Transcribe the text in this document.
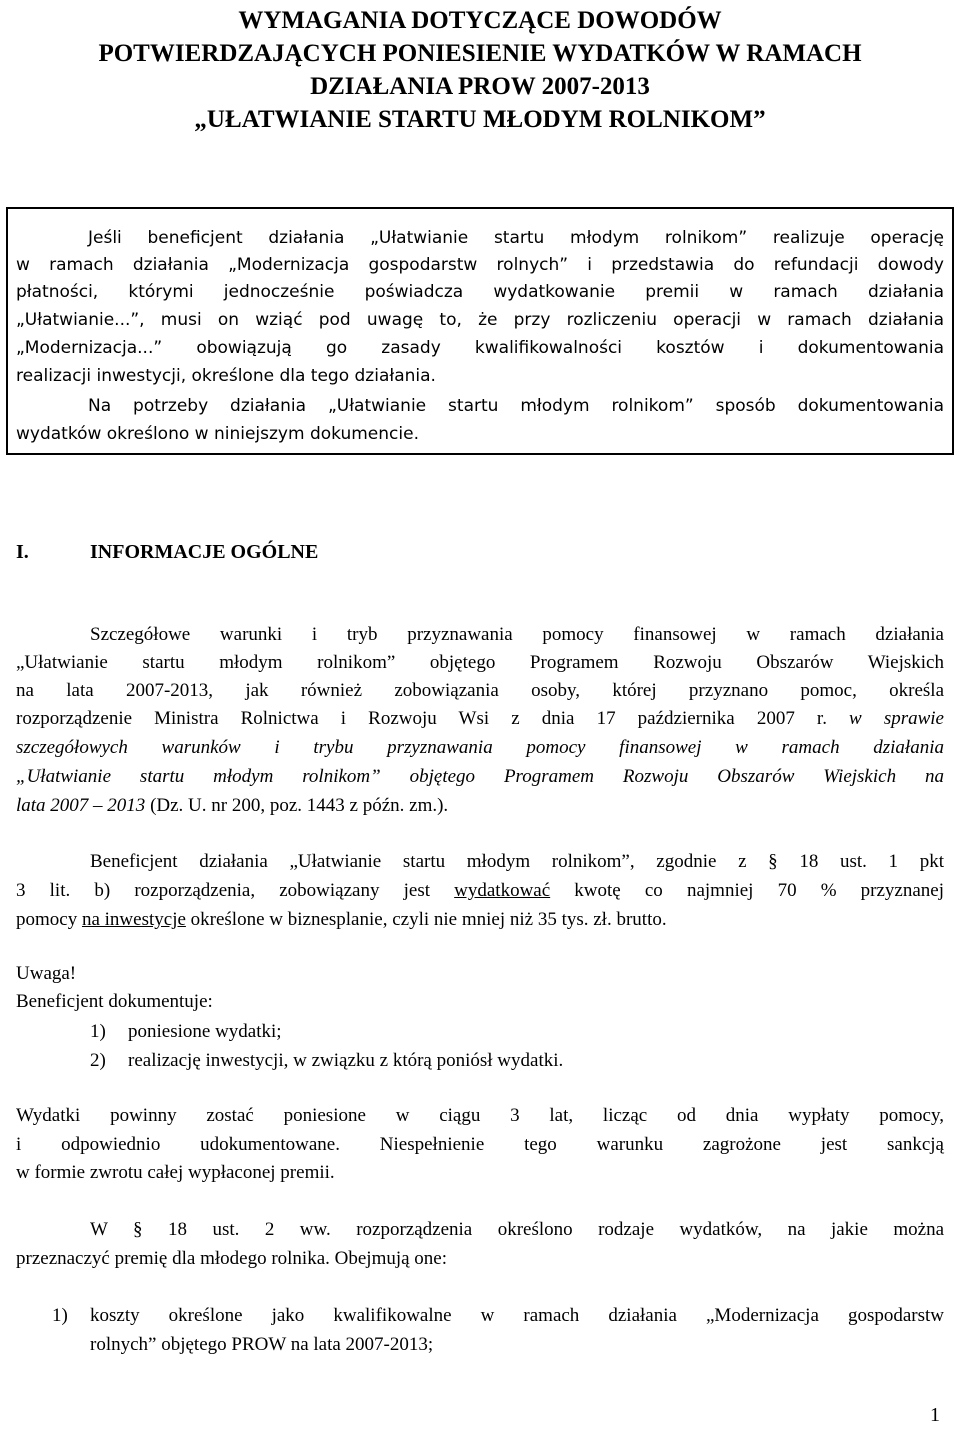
WYMAGANIA DOTYCZĄCE DOWODÓW
POTWIERDZAJĄCYCH PONIESIENIE WYDATKÓW W RAMACH
DZIAŁANIA PROW 2007-2013
„UŁATWIANIE STARTU MŁODYM ROLNIKOM”
Jeśli beneficjent działania „Ułatwianie startu młodym rolnikom” realizuje operację
w ramach działania „Modernizacja gospodarstw rolnych” i przedstawia do refundacji dowody
płatności, którymi jednocześnie poświadcza wydatkowanie premii w ramach działania
„Ułatwianie...”, musi on wziąć pod uwagę to, że przy rozliczeniu operacji w ramach działania
„Modernizacja...” obowiązują go zasady kwalifikowalności kosztów i dokumentowania
realizacji inwestycji, określone dla tego działania.
Na potrzeby działania „Ułatwianie startu młodym rolnikom” sposób dokumentowania
wydatków określono w niniejszym dokumencie.
I.	INFORMACJE OGÓLNE
Szczegółowe warunki i tryb przyznawania pomocy finansowej w ramach działania
„Ułatwianie startu młodym rolnikom” objętego Programem Rozwoju Obszarów Wiejskich
na lata 2007-2013, jak również zobowiązania osoby, której przyznano pomoc, określa
rozporządzenie Ministra Rolnictwa i Rozwoju Wsi z dnia 17 października 2007 r. w sprawie
szczegółowych warunków i trybu przyznawania pomocy finansowej w ramach działania
„Ułatwianie startu młodym rolnikom” objętego Programem Rozwoju Obszarów Wiejskich na
lata 2007 – 2013 (Dz. U. nr 200, poz. 1443 z późn. zm.).
Beneficjent działania „Ułatwianie startu młodym rolnikom”, zgodnie z § 18 ust. 1 pkt
3 lit. b) rozporządzenia, zobowiązany jest wydatkować kwotę co najmniej 70 % przyznanej
pomocy na inwestycje określone w biznesplanie, czyli nie mniej niż 35 tys. zł. brutto.
Uwaga!
Beneficjent dokumentuje:
1) poniesione wydatki;
2) realizację inwestycji, w związku z którą poniósł wydatki.
Wydatki powinny zostać poniesione w ciągu 3 lat, licząc od dnia wypłaty pomocy,
i odpowiednio udokumentowane. Niespełnienie tego warunku zagrożone jest sankcją
w formie zwrotu całej wypłaconej premii.
W § 18 ust. 2 ww. rozporządzenia określono rodzaje wydatków, na jakie można
przeznaczyć premię dla młodego rolnika. Obejmują one:
1) koszty określone jako kwalifikowalne w ramach działania „Modernizacja gospodarstw
rolnych” objętego PROW na lata 2007-2013;
1
